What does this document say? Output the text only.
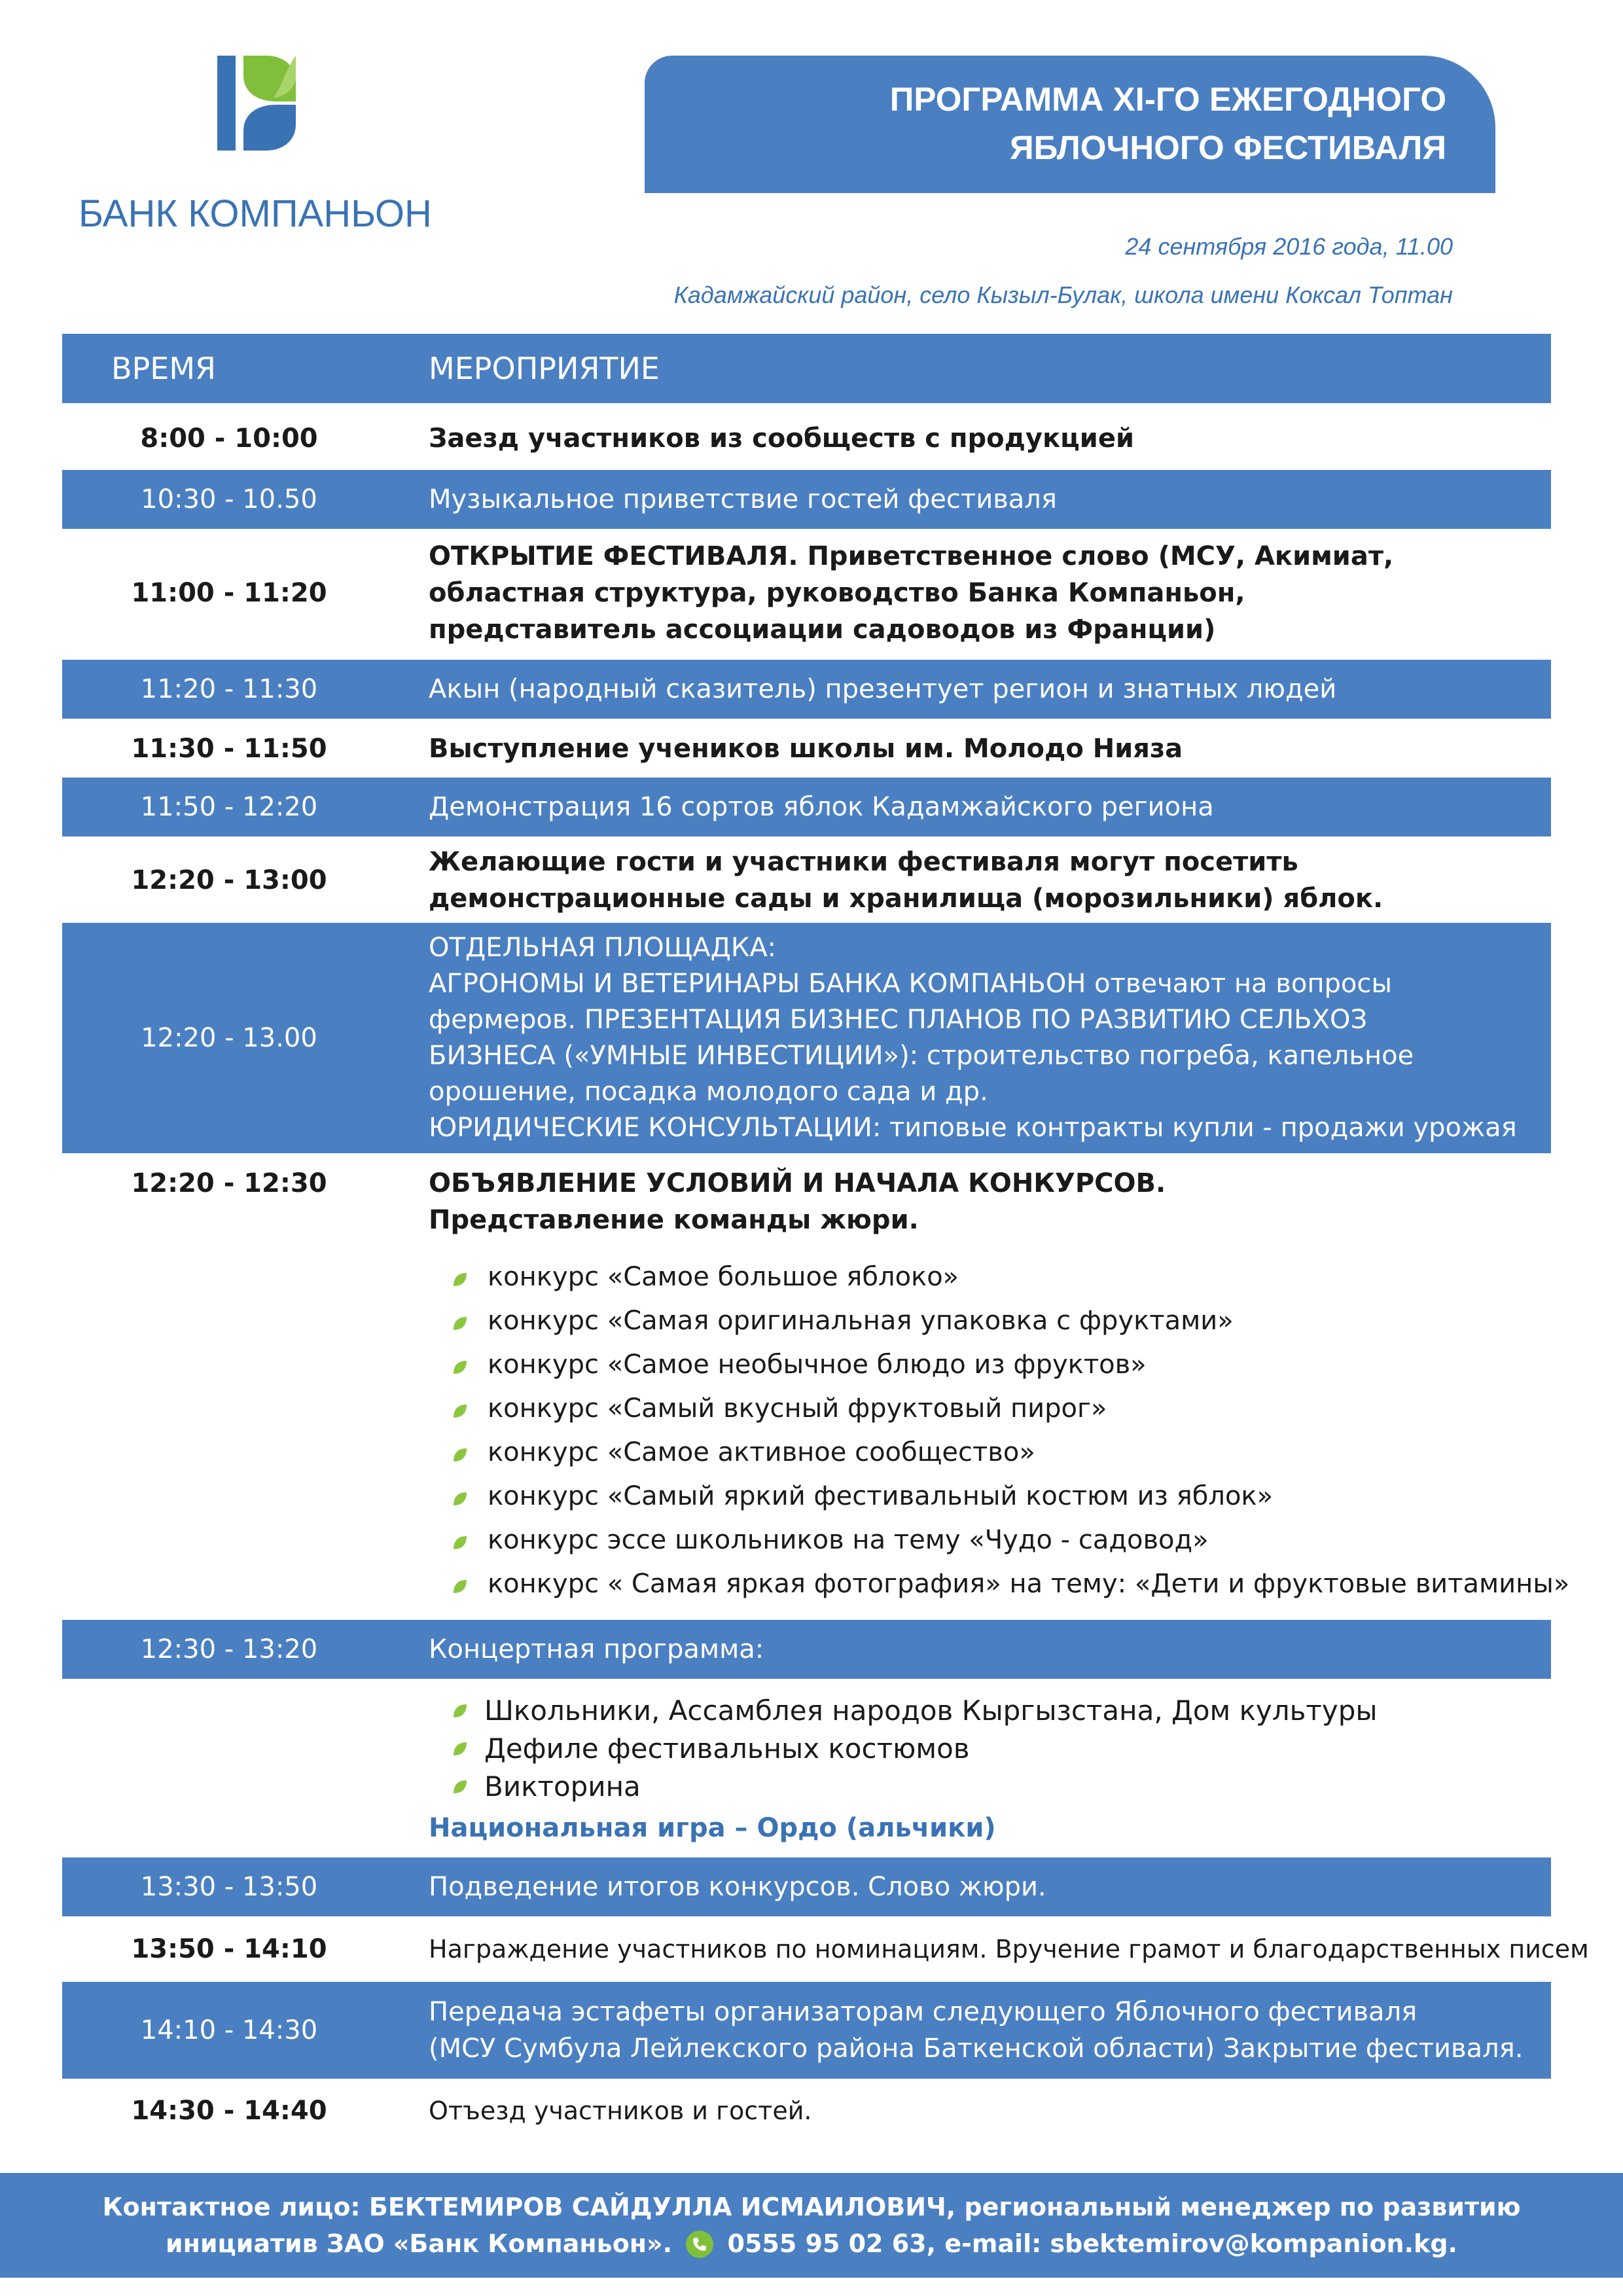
БАНК КОМПАНЬОН
ПРОГРАММА XI-ГО ЕЖЕГОДНОГО
ЯБЛОЧНОГО ФЕСТИВАЛЯ
24 сентября 2016 года, 11.00
Кадамжайский район, село Кызыл-Булак, школа имени Коксал Топтан
ВРЕМЯ	МЕРОПРИЯТИЕ
8:00 - 10:00	Заезд участников из сообществ с продукцией
10:30 - 10.50	Музыкальное приветствие гостей фестиваля
11:00 - 11:20
ОТКРЫТИЕ ФЕСТИВАЛЯ. Приветственное слово (МСУ, Акимиат,
областная структура, руководство Банка Компаньон,
представитель ассоциации садоводов из Франции)
11:20 - 11:30	Акын (народный сказитель) презентует регион и знатных людей
11:30 - 11:50	Выступление учеников школы им. Молодо Нияза
11:50 - 12:20	Демонстрация 16 сортов яблок Кадамжайского региона
12:20 - 13:00
Желающие гости и участники фестиваля могут посетить
демонстрационные сады и хранилища (морозильники) яблок.
12:20 - 13.00
ОТДЕЛЬНАЯ ПЛОЩАДКА:
АГРОНОМЫ И ВЕТЕРИНАРЫ БАНКА КОМПАНЬОН отвечают на вопросы
фермеров. ПРЕЗЕНТАЦИЯ БИЗНЕС ПЛАНОВ ПО РАЗВИТИЮ СЕЛЬХОЗ
БИЗНЕСА («УМНЫЕ ИНВЕСТИЦИИ»): строительство погреба, капельное
орошение, посадка молодого сада и др.
ЮРИДИЧЕСКИЕ КОНСУЛЬТАЦИИ: типовые контракты купли - продажи урожая
12:20 - 12:30	ОБЪЯВЛЕНИЕ УСЛОВИЙ И НАЧАЛА КОНКУРСОВ.
Представление команды жюри.
конкурс «Самое большое яблоко»
конкурс «Самая оригинальная упаковка с фруктами»
конкурс «Самое необычное блюдо из фруктов»
конкурс «Самый вкусный фруктовый пирог»
конкурс «Самое активное сообщество»
конкурс «Самый яркий фестивальный костюм из яблок»
конкурс эссе школьников на тему «Чудо - садовод»
конкурс « Самая яркая фотография» на тему: «Дети и фруктовые витамины»
12:30 - 13:20	Концертная программа:
Школьники, Ассамблея народов Кыргызстана, Дом культуры
Дефиле фестивальных костюмов
Викторина
Национальная игра – Ордо (альчики)
13:30 - 13:50	Подведение итогов конкурсов. Слово жюри.
13:50 - 14:10	Награждение участников по номинациям. Вручение грамот и благодарственных писем
14:10 - 14:30
Передача эстафеты организаторам следующего Яблочного фестиваля
(МСУ Сумбула Лейлекского района Баткенской области) Закрытие фестиваля.
14:30 - 14:40	Отъезд участников и гостей.
Контактное лицо: БЕКТЕМИРОВ САЙДУЛЛА ИСМАИЛОВИЧ, региональный менеджер по развитию
инициатив ЗАО «Банк Компаньон». 0555 95 02 63, e-mail: sbektemirov@kompanion.kg.
